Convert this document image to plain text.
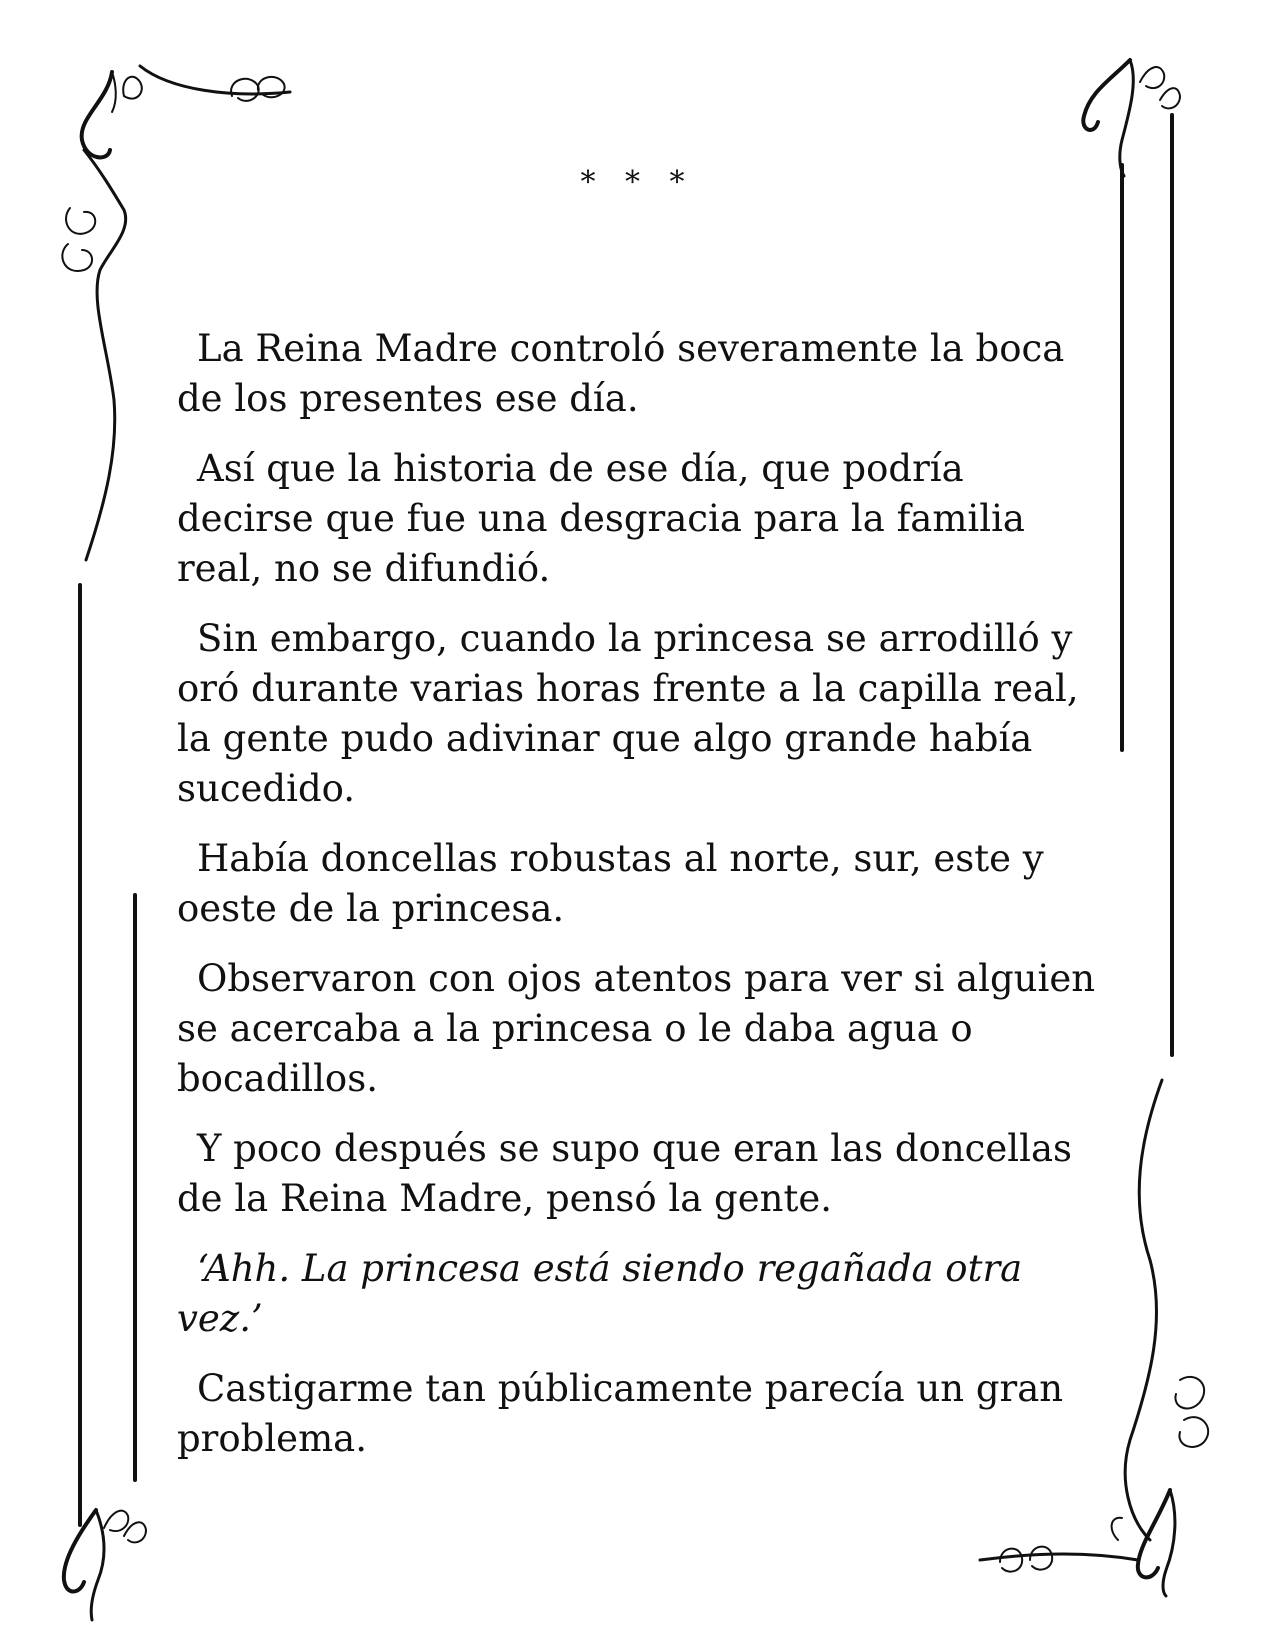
* * *

La Reina Madre controló severamente la boca de los presentes ese día.

Así que la historia de ese día, que podría decirse que fue una desgracia para la familia real, no se difundió.

Sin embargo, cuando la princesa se arrodilló y oró durante varias horas frente a la capilla real, la gente pudo adivinar que algo grande había sucedido.

Había doncellas robustas al norte, sur, este y oeste de la princesa.

Observaron con ojos atentos para ver si alguien se acercaba a la princesa o le daba agua o bocadillos.

Y poco después se supo que eran las doncellas de la Reina Madre, pensó la gente.

‘Ahh. La princesa está siendo regañada otra vez.’

Castigarme tan públicamente parecía un gran problema.
